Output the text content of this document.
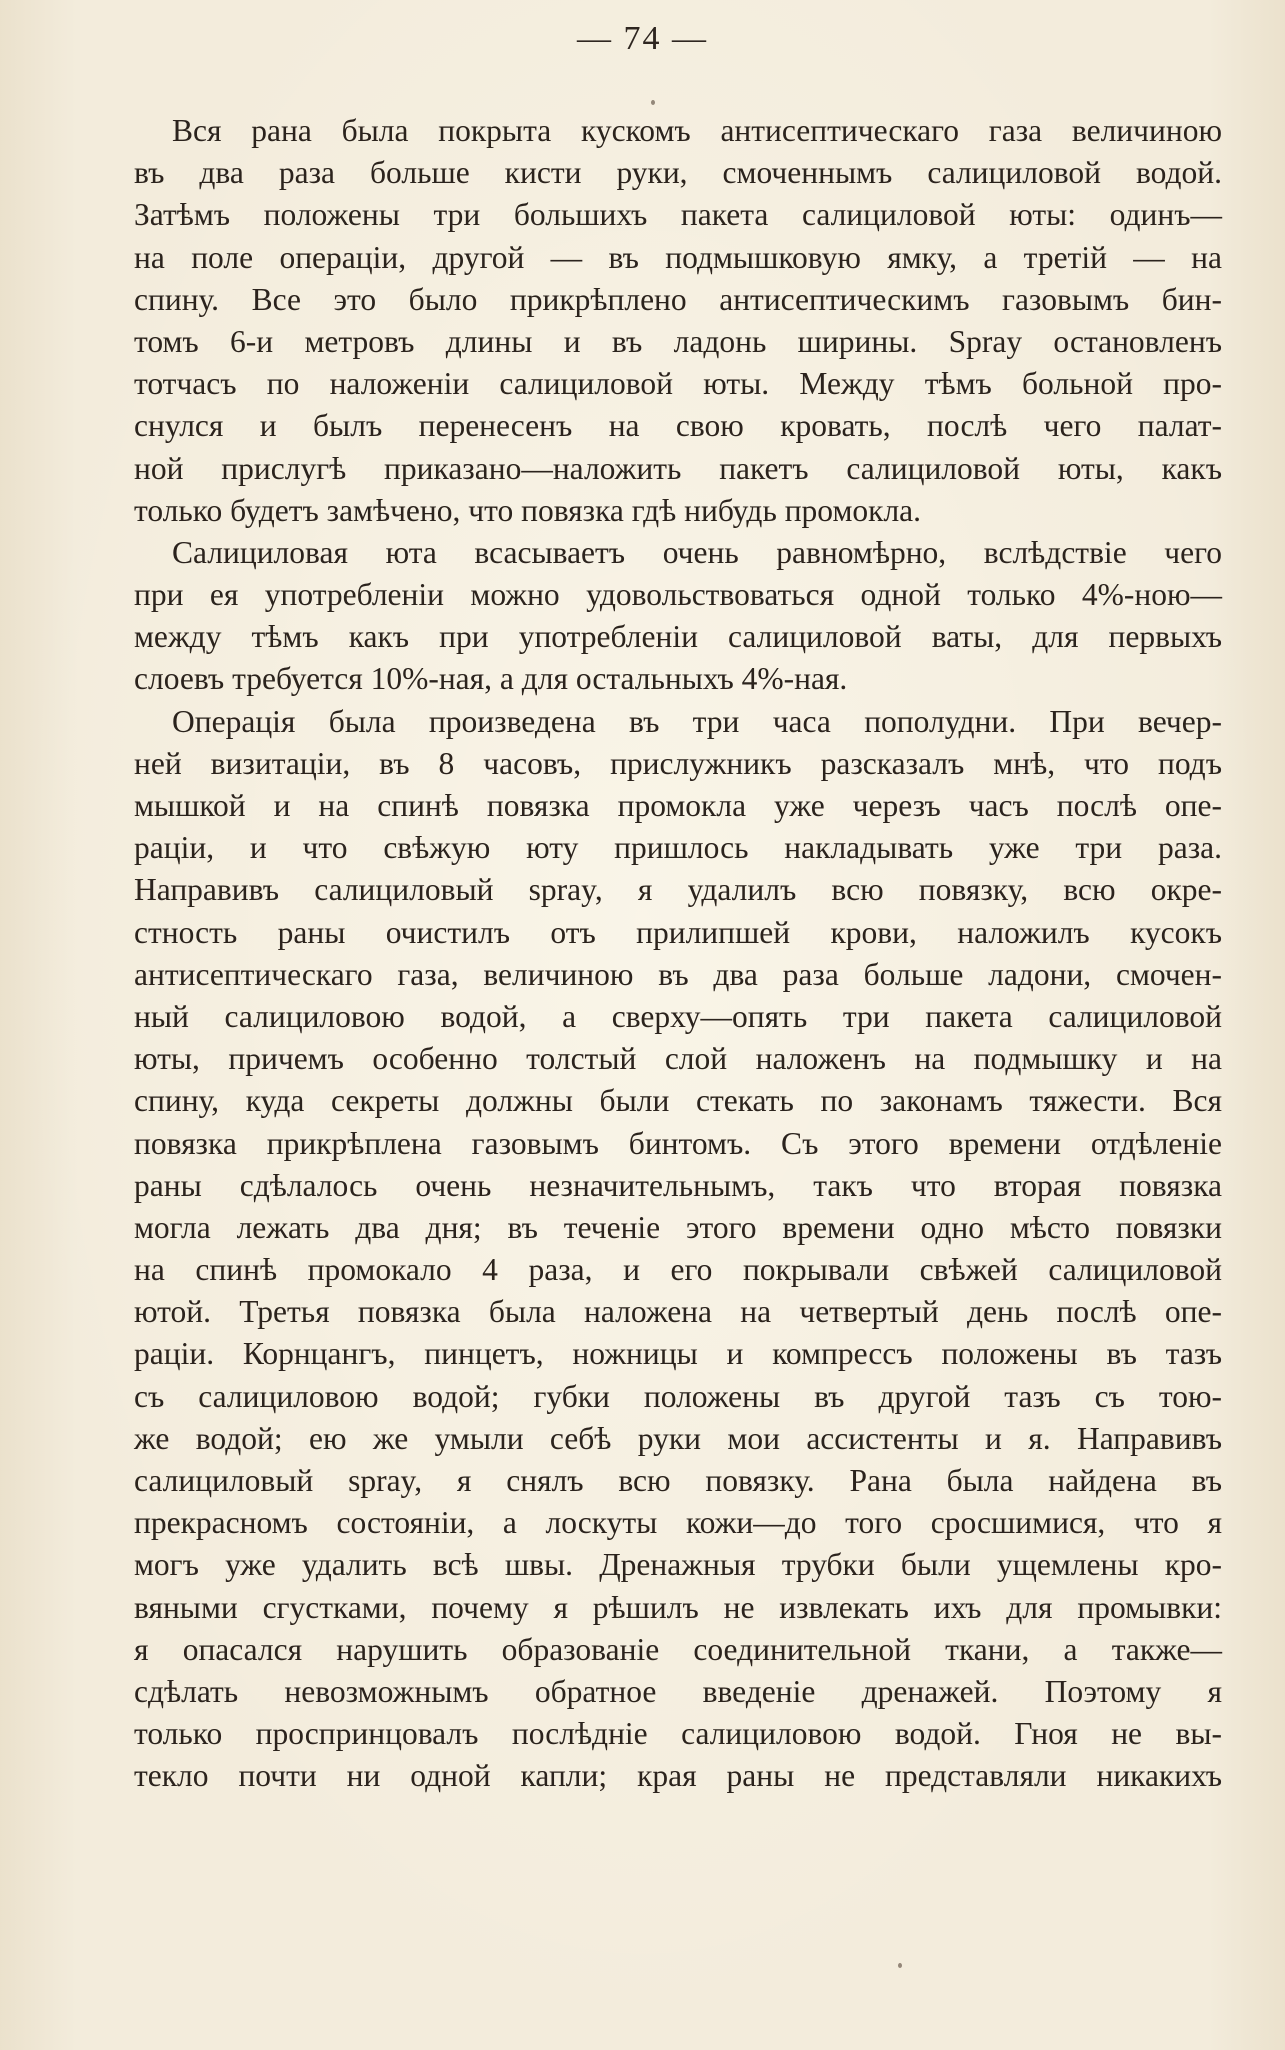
— 74 —
Вся рана была покрыта кускомъ антисептическаго газа величиною
въ два раза больше кисти руки, смоченнымъ салициловой водой.
Затѣмъ положены три большихъ пакета салициловой юты: одинъ—
на поле операціи, другой — въ подмышковую ямку, а третій — на
спину. Все это было прикрѣплено антисептическимъ газовымъ бин-
томъ 6-и метровъ длины и въ ладонь ширины. Spray остановленъ
тотчасъ по наложеніи салициловой юты. Между тѣмъ больной про-
снулся и былъ перенесенъ на свою кровать, послѣ чего палат-
ной прислугѣ приказано—наложить пакетъ салициловой юты, какъ
только будетъ замѣчено, что повязка гдѣ нибудь промокла.
Салициловая юта всасываетъ очень равномѣрно, вслѣдствіе чего
при ея употребленіи можно удовольствоваться одной только 4%-ною—
между тѣмъ какъ при употребленіи салициловой ваты, для первыхъ
слоевъ требуется 10%-ная, а для остальныхъ 4%-ная.
Операція была произведена въ три часа пополудни. При вечер-
ней визитаціи, въ 8 часовъ, прислужникъ разсказалъ мнѣ, что подъ
мышкой и на спинѣ повязка промокла уже черезъ часъ послѣ опе-
раціи, и что свѣжую юту пришлось накладывать уже три раза.
Направивъ салициловый spray, я удалилъ всю повязку, всю окре-
стность раны очистилъ отъ прилипшей крови, наложилъ кусокъ
антисептическаго газа, величиною въ два раза больше ладони, смочен-
ный салициловою водой, а сверху—опять три пакета салициловой
юты, причемъ особенно толстый слой наложенъ на подмышку и на
спину, куда секреты должны были стекать по законамъ тяжести. Вся
повязка прикрѣплена газовымъ бинтомъ. Съ этого времени отдѣленіе
раны сдѣлалось очень незначительнымъ, такъ что вторая повязка
могла лежать два дня; въ теченіе этого времени одно мѣсто повязки
на спинѣ промокало 4 раза, и его покрывали свѣжей салициловой
ютой. Третья повязка была наложена на четвертый день послѣ опе-
раціи. Корнцангъ, пинцетъ, ножницы и компрессъ положены въ тазъ
съ салициловою водой; губки положены въ другой тазъ съ тою-
же водой; ею же умыли себѣ руки мои ассистенты и я. Направивъ
салициловый spray, я снялъ всю повязку. Рана была найдена въ
прекрасномъ состояніи, а лоскуты кожи—до того сросшимися, что я
могъ уже удалить всѣ швы. Дренажныя трубки были ущемлены кро-
вяными сгустками, почему я рѣшилъ не извлекать ихъ для промывки:
я опасался нарушить образованіе соединительной ткани, а также—
сдѣлать невозможнымъ обратное введеніе дренажей. Поэтому я
только проспринцовалъ послѣдніе салициловою водой. Гноя не вы-
текло почти ни одной капли; края раны не представляли никакихъ
